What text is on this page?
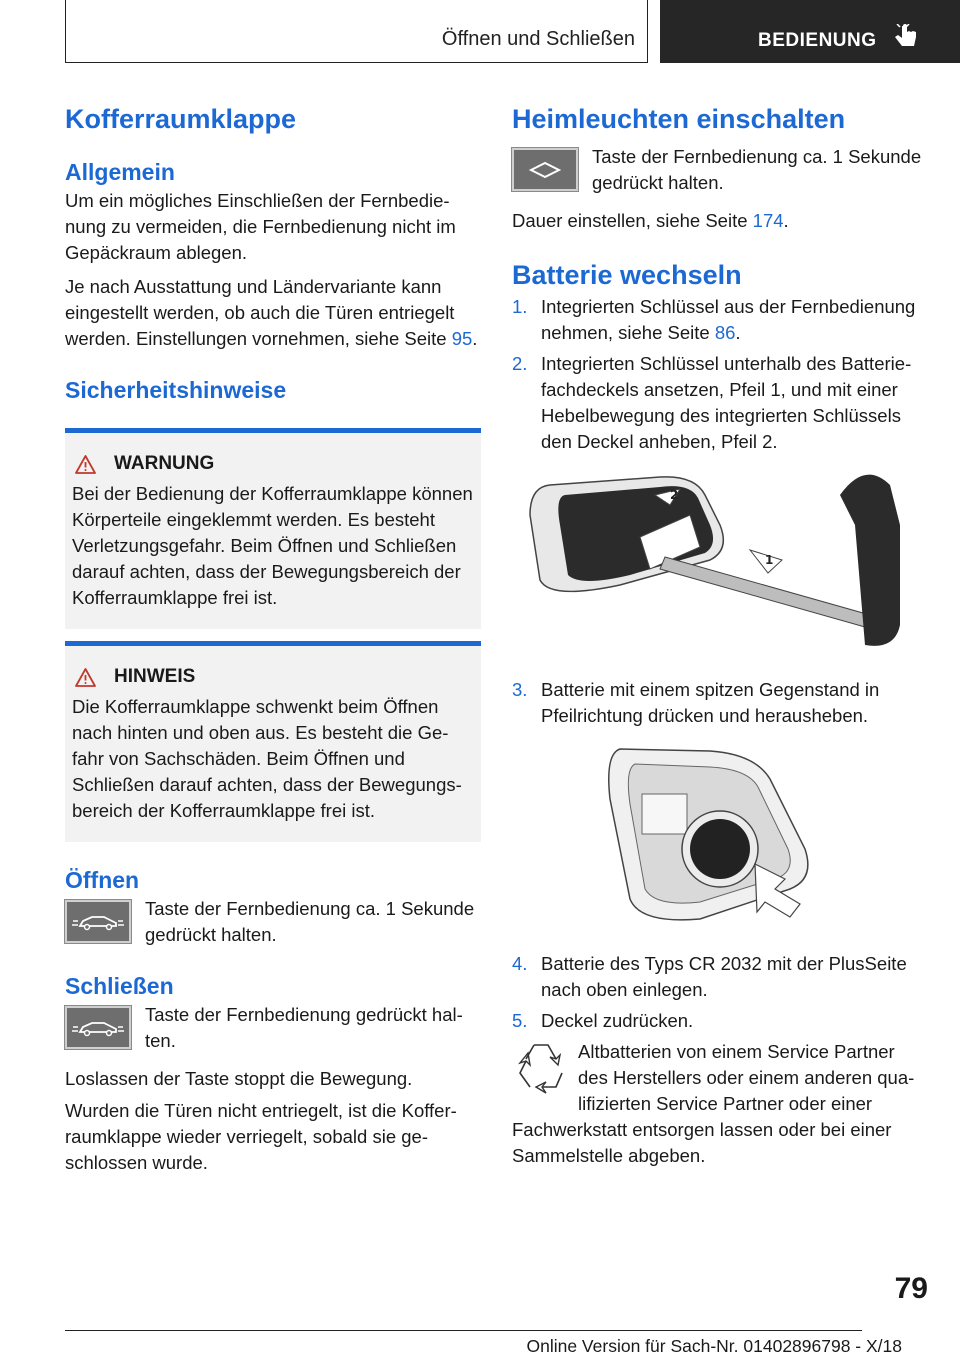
Öffnen und Schließen	BEDIENUNG
Kofferraumklappe
Allgemein

Um ein mögliches Einschließen der Fernbedienung zu vermeiden, die Fernbedienung nicht im Gepäckraum ablegen.

Je nach Ausstattung und Ländervariante kann eingestellt werden, ob auch die Türen entriegelt werden. Einstellungen vornehmen, siehe Seite 95.

Sicherheitshinweise
WARNUNG

Bei der Bedienung der Kofferraumklappe können Körperteile eingeklemmt werden. Es besteht Verletzungsgefahr. Beim Öffnen und Schließen darauf achten, dass der Bewegungsbereich der Kofferraumklappe frei ist.

HINWEIS

Die Kofferraumklappe schwenkt beim Öffnen nach hinten und oben aus. Es besteht die Gefahr von Sachschäden. Beim Öffnen und Schließen darauf achten, dass der Bewegungsbereich der Kofferraumklappe frei ist.

Öffnen

Taste der Fernbedienung ca. 1 Sekunde gedrückt halten.

Schließen

Taste der Fernbedienung gedrückt halten.

Loslassen der Taste stoppt die Bewegung.

Wurden die Türen nicht entriegelt, ist die Kofferraumklappe wieder verriegelt, sobald sie geschlossen wurde.

Heimleuchten einschalten

Taste der Fernbedienung ca. 1 Sekunde gedrückt halten.

Dauer einstellen, siehe Seite 174.

Batterie wechseln
1. Integrierten Schlüssel aus der Fernbedienung nehmen, siehe Seite 86.
2. Integrierten Schlüssel unterhalb des Batteriefachdeckels ansetzen, Pfeil 1, und mit einer Hebelbewegung des integrierten Schlüssels den Deckel anheben, Pfeil 2.
2
1
3. Batterie mit einem spitzen Gegenstand in Pfeilrichtung drücken und herausheben.
4. Batterie des Typs CR 2032 mit der PlusSeite nach oben einlegen.
5. Deckel zudrücken.

Altbatterien von einem Service Partner des Herstellers oder einem anderen qualifizierten Service Partner oder einer Fachwerkstatt entsorgen lassen oder bei einer Sammelstelle abgeben.

79
Online Version für Sach-Nr. 01402896798 - X/18
